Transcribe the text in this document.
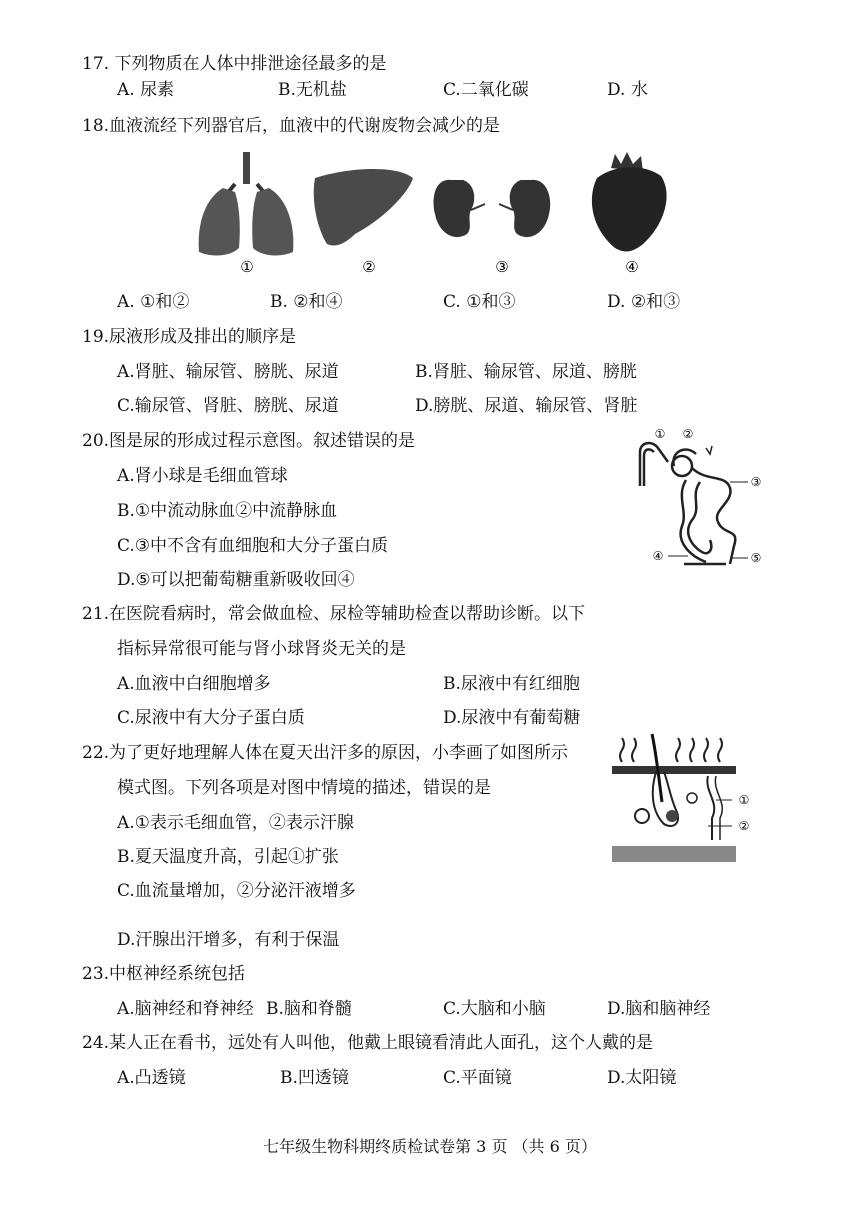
17. 下列物质在人体中排泄途径最多的是
A. 尿素	B.无机盐	C.二氧化碳	D. 水
18.血液流经下列器官后，血液中的代谢废物会减少的是
①	②	③	④
A. ①和②	B. ②和④	C. ①和③	D. ②和③
19.尿液形成及排出的顺序是
A.肾脏、输尿管、膀胱、尿道	B.肾脏、输尿管、尿道、膀胱
C.输尿管、肾脏、膀胱、尿道	D.膀胱、尿道、输尿管、肾脏
20.图是尿的形成过程示意图。叙述错误的是
A.肾小球是毛细血管球
B.①中流动脉血②中流静脉血
C.③中不含有血细胞和大分子蛋白质
D.⑤可以把葡萄糖重新吸收回④
① ②
③
④	⑤
21.在医院看病时，常会做血检、尿检等辅助检查以帮助诊断。以下
指标异常很可能与肾小球肾炎无关的是
A.血液中白细胞增多	B.尿液中有红细胞
C.尿液中有大分子蛋白质	D.尿液中有葡萄糖
22.为了更好地理解人体在夏天出汗多的原因，小李画了如图所示
模式图。下列各项是对图中情境的描述，错误的是
A.①表示毛细血管，②表示汗腺
B.夏天温度升高，引起①扩张
C.血流量增加，②分泌汗液增多
D.汗腺出汗增多，有利于保温
①
②
23.中枢神经系统包括
A.脑神经和脊神经 B.脑和脊髓	C.大脑和小脑	D.脑和脑神经
24.某人正在看书，远处有人叫他，他戴上眼镜看清此人面孔，这个人戴的是
A.凸透镜	B.凹透镜	C.平面镜	D.太阳镜
七年级生物科期终质检试卷第 3 页 （共 6 页）
